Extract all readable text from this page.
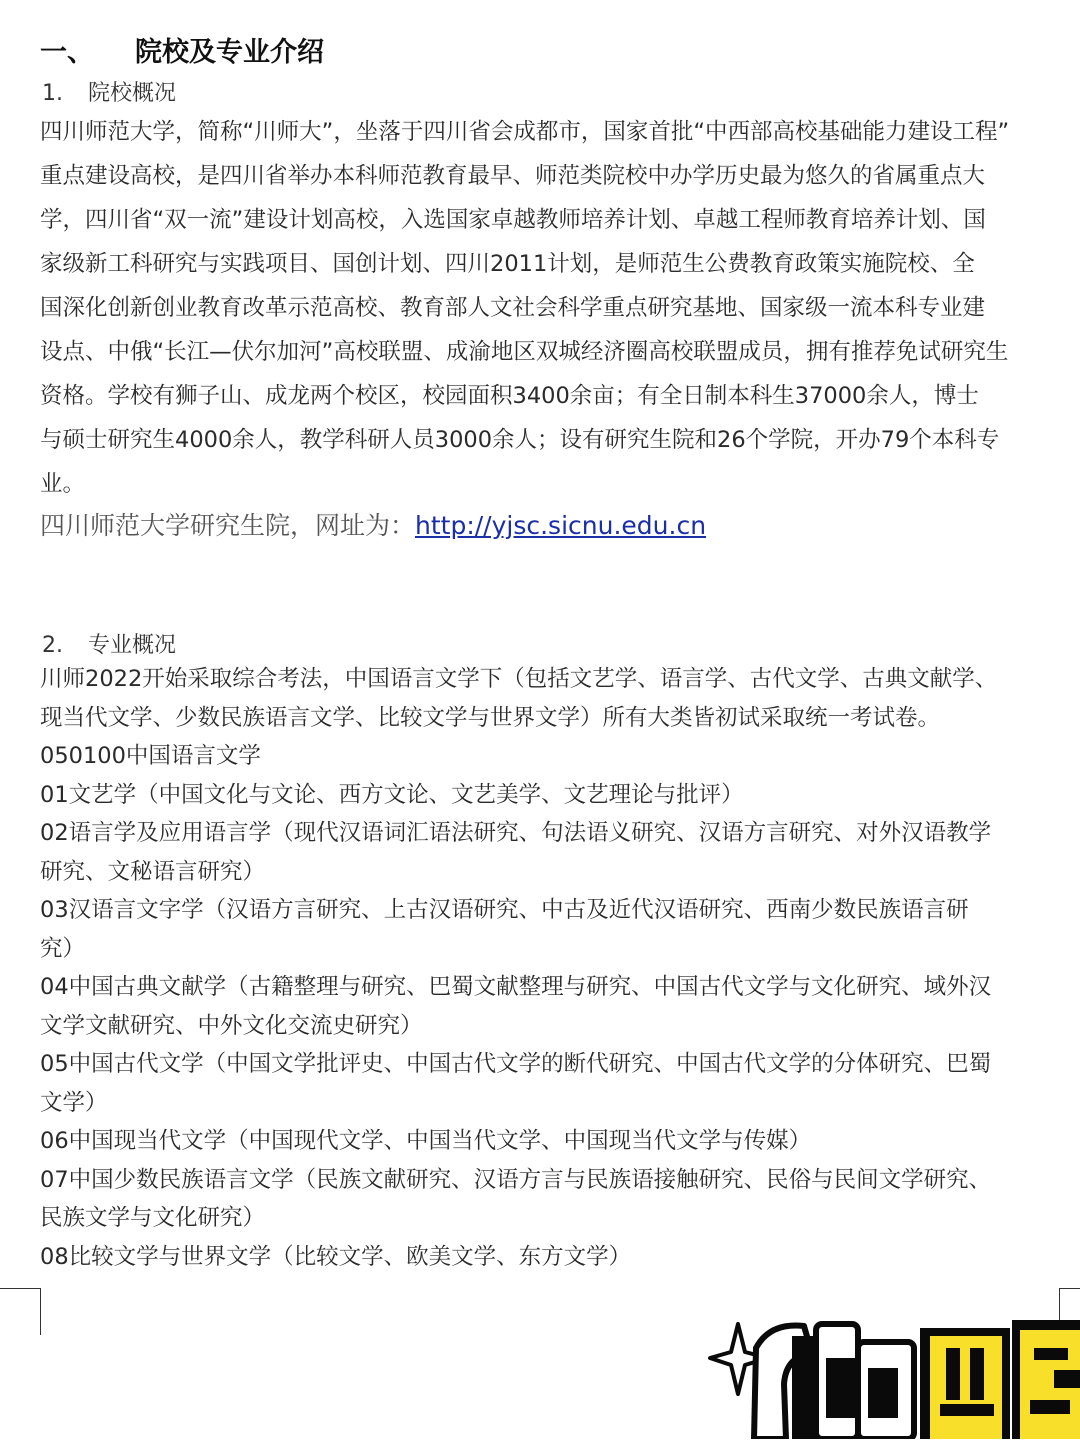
一、 院校及专业介绍
1. 院校概况
四川师范大学，简称“川师大”，坐落于四川省会成都市，国家首批“中西部高校基础能力建设工程”
重点建设高校，是四川省举办本科师范教育最早、师范类院校中办学历史最为悠久的省属重点大
学，四川省“双一流”建设计划高校，入选国家卓越教师培养计划、卓越工程师教育培养计划、国
家级新工科研究与实践项目、国创计划、四川2011计划，是师范生公费教育政策实施院校、全
国深化创新创业教育改革示范高校、教育部人文社会科学重点研究基地、国家级一流本科专业建
设点、中俄“长江—伏尔加河”高校联盟、成渝地区双城经济圈高校联盟成员，拥有推荐免试研究生
资格。学校有狮子山、成龙两个校区，校园面积3400余亩；有全日制本科生37000余人，博士
与硕士研究生4000余人，教学科研人员3000余人；设有研究生院和26个学院，开办79个本科专
业。
四川师范大学研究生院，网址为：http://yjsc.sicnu.edu.cn
2. 专业概况
川师2022开始采取综合考法，中国语言文学下（包括文艺学、语言学、古代文学、古典文献学、
现当代文学、少数民族语言文学、比较文学与世界文学）所有大类皆初试采取统一考试卷。
050100中国语言文学
01文艺学（中国文化与文论、西方文论、文艺美学、文艺理论与批评）
02语言学及应用语言学（现代汉语词汇语法研究、句法语义研究、汉语方言研究、对外汉语教学
研究、文秘语言研究）
03汉语言文字学（汉语方言研究、上古汉语研究、中古及近代汉语研究、西南少数民族语言研
究）
04中国古典文献学（古籍整理与研究、巴蜀文献整理与研究、中国古代文学与文化研究、域外汉
文学文献研究、中外文化交流史研究）
05中国古代文学（中国文学批评史、中国古代文学的断代研究、中国古代文学的分体研究、巴蜀
文学）
06中国现当代文学（中国现代文学、中国当代文学、中国现当代文学与传媒）
07中国少数民族语言文学（民族文献研究、汉语方言与民族语接触研究、民俗与民间文学研究、
民族文学与文化研究）
08比较文学与世界文学（比较文学、欧美文学、东方文学）
